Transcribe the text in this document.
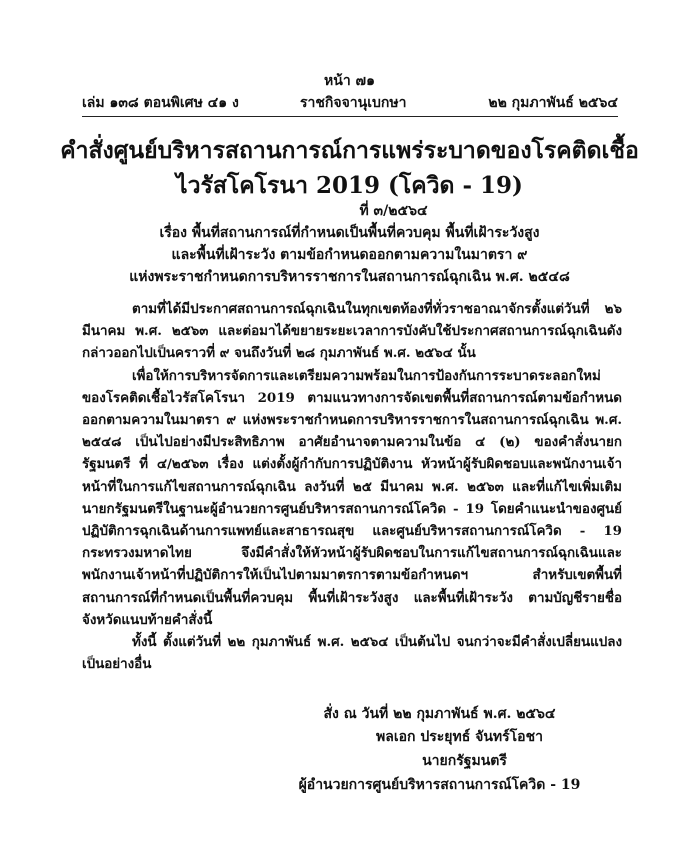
หน้า ๗๑
เล่ม ๑๓๘ ตอนพิเศษ ๔๑ ง	ราชกิจจานุเบกษา	๒๒ กุมภาพันธ์ ๒๕๖๔
คำสั่งศูนย์บริหารสถานการณ์การแพร่ระบาดของโรคติดเชื้อ
ไวรัสโคโรนา 2019 (โควิด - 19)
ที่ ๓/๒๕๖๔
เรื่อง พื้นที่สถานการณ์ที่กำหนดเป็นพื้นที่ควบคุม พื้นที่เฝ้าระวังสูง
และพื้นที่เฝ้าระวัง ตามข้อกำหนดออกตามความในมาตรา ๙
แห่งพระราชกำหนดการบริหารราชการในสถานการณ์ฉุกเฉิน พ.ศ. ๒๕๔๘

ตามที่ได้มีประกาศสถานการณ์ฉุกเฉินในทุกเขตท้องที่ทั่วราชอาณาจักรตั้งแต่วันที่ ๒๖ มีนาคม พ.ศ. ๒๕๖๓ และต่อมาได้ขยายระยะเวลาการบังคับใช้ประกาศสถานการณ์ฉุกเฉินดังกล่าวออกไปเป็นคราวที่ ๙ จนถึงวันที่ ๒๘ กุมภาพันธ์ พ.ศ. ๒๕๖๔ นั้น

เพื่อให้การบริหารจัดการและเตรียมความพร้อมในการป้องกันการระบาดระลอกใหม่ของโรคติดเชื้อไวรัสโคโรนา 2019 ตามแนวทางการจัดเขตพื้นที่สถานการณ์ตามข้อกำหนดออกตามความในมาตรา ๙ แห่งพระราชกำหนดการบริหารราชการในสถานการณ์ฉุกเฉิน พ.ศ. ๒๕๔๘ เป็นไปอย่างมีประสิทธิภาพ อาศัยอำนาจตามความในข้อ ๔ (๒) ของคำสั่งนายกรัฐมนตรี ที่ ๔/๒๕๖๓ เรื่อง แต่งตั้งผู้กำกับการปฏิบัติงาน หัวหน้าผู้รับผิดชอบและพนักงานเจ้าหน้าที่ในการแก้ไขสถานการณ์ฉุกเฉิน ลงวันที่ ๒๕ มีนาคม พ.ศ. ๒๕๖๓ และที่แก้ไขเพิ่มเติม นายกรัฐมนตรีในฐานะผู้อำนวยการศูนย์บริหารสถานการณ์โควิด - 19 โดยคำแนะนำของศูนย์ปฏิบัติการฉุกเฉินด้านการแพทย์และสาธารณสุข และศูนย์บริหารสถานการณ์โควิด - 19 กระทรวงมหาดไทย จึงมีคำสั่งให้หัวหน้าผู้รับผิดชอบในการแก้ไขสถานการณ์ฉุกเฉินและพนักงานเจ้าหน้าที่ปฏิบัติการให้เป็นไปตามมาตรการตามข้อกำหนดฯ สำหรับเขตพื้นที่สถานการณ์ที่กำหนดเป็นพื้นที่ควบคุม พื้นที่เฝ้าระวังสูง และพื้นที่เฝ้าระวัง ตามบัญชีรายชื่อจังหวัดแนบท้ายคำสั่งนี้

ทั้งนี้ ตั้งแต่วันที่ ๒๒ กุมภาพันธ์ พ.ศ. ๒๕๖๔ เป็นต้นไป จนกว่าจะมีคำสั่งเปลี่ยนแปลงเป็นอย่างอื่น

สั่ง ณ วันที่ ๒๒ กุมภาพันธ์ พ.ศ. ๒๕๖๔
พลเอก ประยุทธ์ จันทร์โอชา
นายกรัฐมนตรี
ผู้อำนวยการศูนย์บริหารสถานการณ์โควิด - 19
